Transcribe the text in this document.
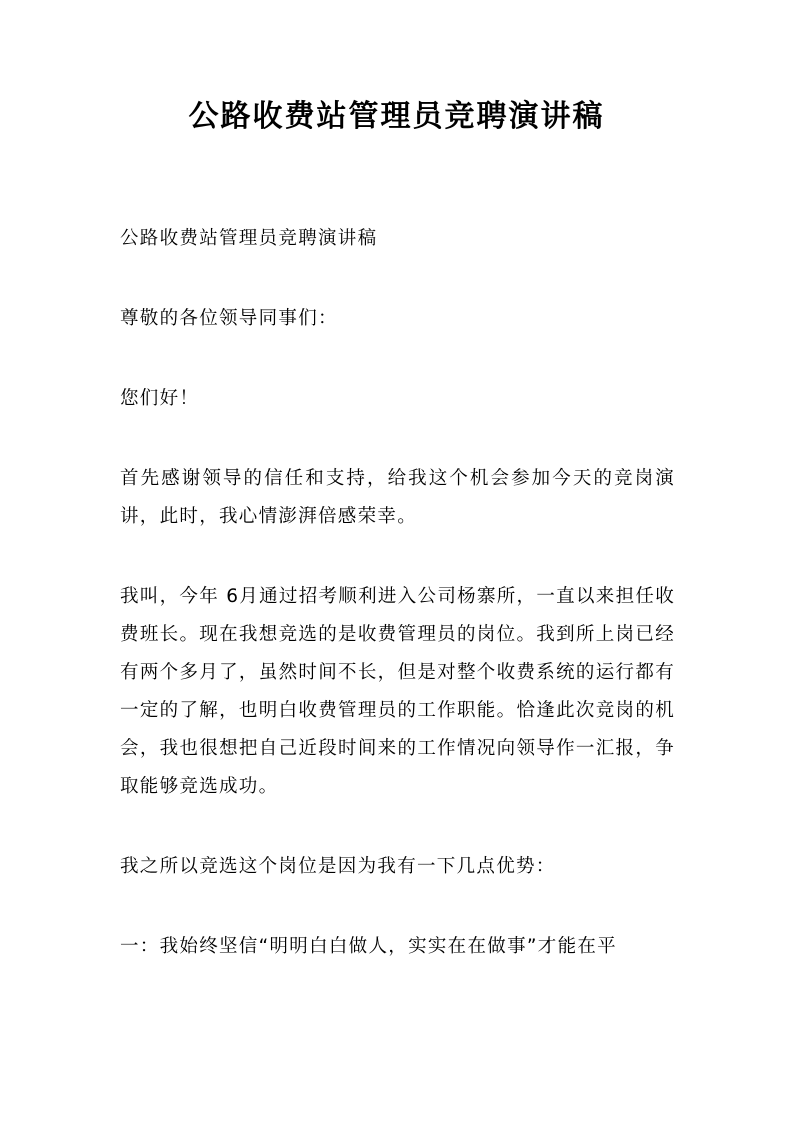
公路收费站管理员竞聘演讲稿

公路收费站管理员竞聘演讲稿

尊敬的各位领导同事们：

您们好！

首先感谢领导的信任和支持，给我这个机会参加今天的竞岗演讲，此时，我心情澎湃倍感荣幸。

我叫，今年 6月通过招考顺利进入公司杨寨所，一直以来担任收费班长。现在我想竞选的是收费管理员的岗位。我到所上岗已经有两个多月了，虽然时间不长，但是对整个收费系统的运行都有一定的了解，也明白收费管理员的工作职能。恰逢此次竞岗的机会，我也很想把自己近段时间来的工作情况向领导作一汇报，争取能够竞选成功。

我之所以竞选这个岗位是因为我有一下几点优势：

一：我始终坚信“明明白白做人，实实在在做事”才能在平
